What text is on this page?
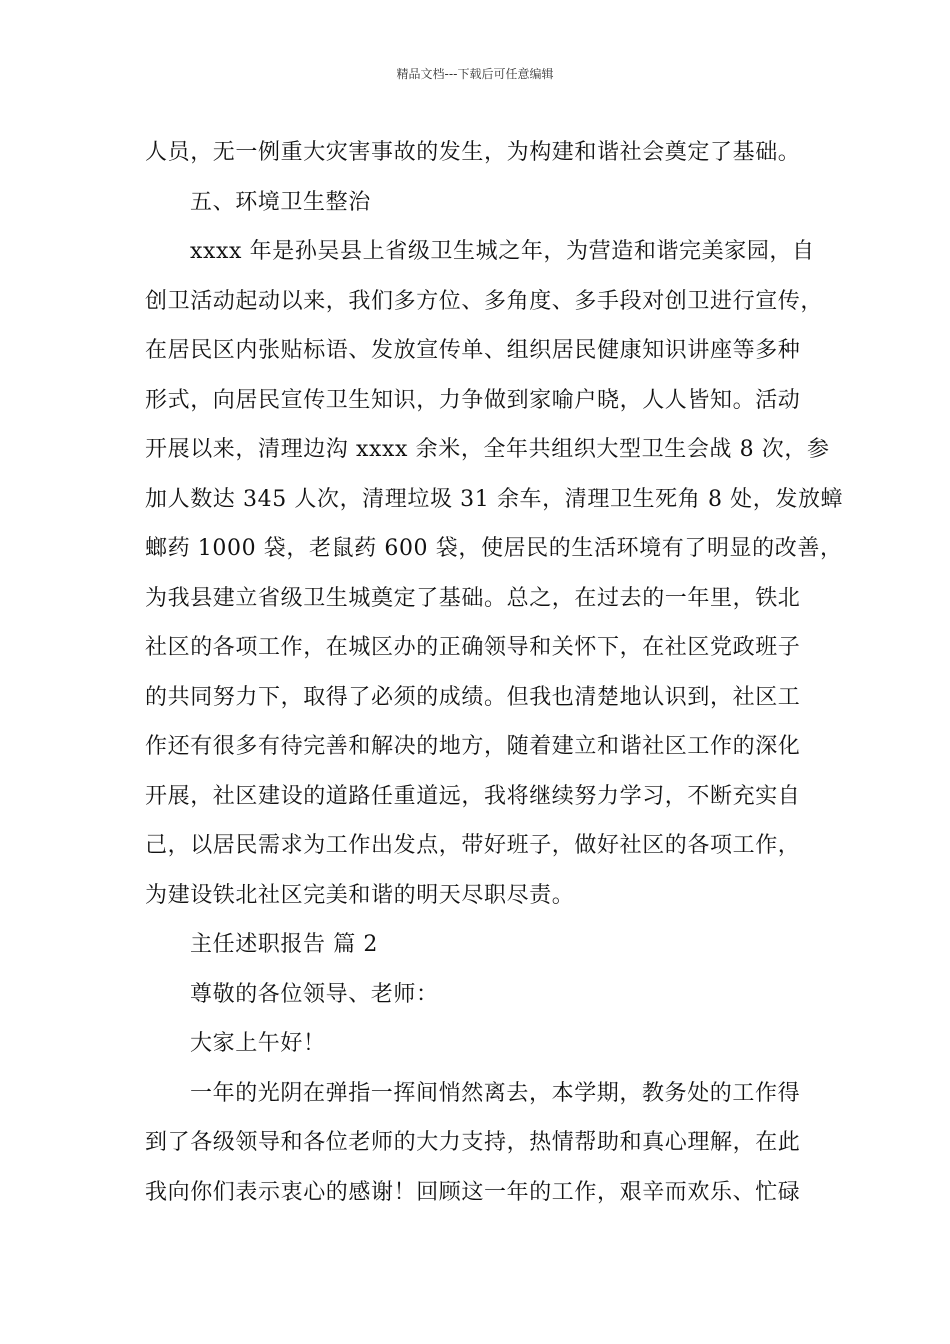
精品文档---下载后可任意编辑
人员，无一例重大灾害事故的发生，为构建和谐社会奠定了基础。
五、环境卫生整治
xxxx 年是孙吴县上省级卫生城之年，为营造和谐完美家园，自
创卫活动起动以来，我们多方位、多角度、多手段对创卫进行宣传，
在居民区内张贴标语、发放宣传单、组织居民健康知识讲座等多种
形式，向居民宣传卫生知识，力争做到家喻户晓，人人皆知。活动
开展以来，清理边沟 xxxx 余米，全年共组织大型卫生会战 8 次，参
加人数达 345 人次，清理垃圾 31 余车，清理卫生死角 8 处，发放蟑
螂药 1000 袋，老鼠药 600 袋，使居民的生活环境有了明显的改善，
为我县建立省级卫生城奠定了基础。总之，在过去的一年里，铁北
社区的各项工作，在城区办的正确领导和关怀下，在社区党政班子
的共同努力下，取得了必须的成绩。但我也清楚地认识到，社区工
作还有很多有待完善和解决的地方，随着建立和谐社区工作的深化
开展，社区建设的道路任重道远，我将继续努力学习，不断充实自
己，以居民需求为工作出发点，带好班子，做好社区的各项工作，
为建设铁北社区完美和谐的明天尽职尽责。
主任述职报告 篇 2
尊敬的各位领导、老师：
大家上午好！
一年的光阴在弹指一挥间悄然离去，本学期，教务处的工作得
到了各级领导和各位老师的大力支持，热情帮助和真心理解，在此
我向你们表示衷心的感谢！回顾这一年的工作，艰辛而欢乐、忙碌
